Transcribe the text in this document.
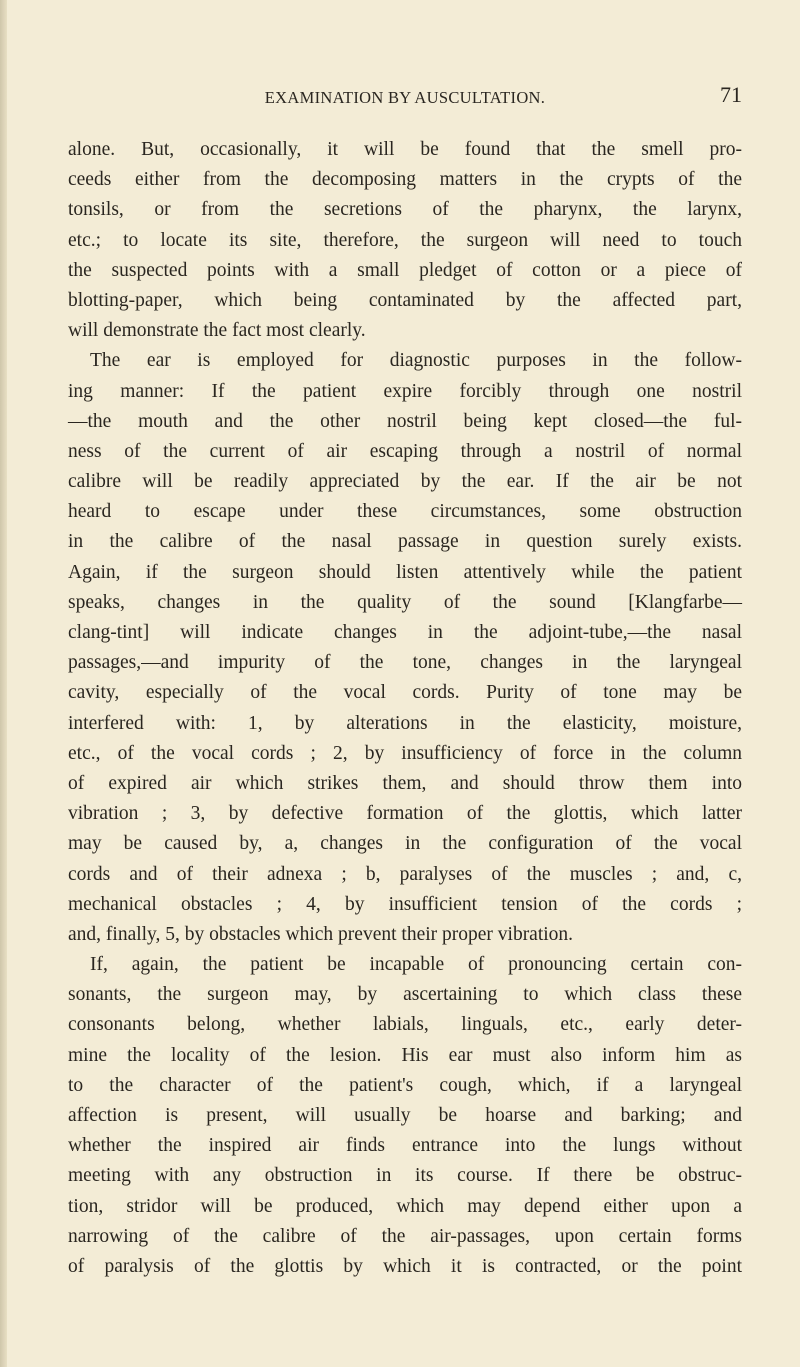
EXAMINATION BY AUSCULTATION.	71
alone. But, occasionally, it will be found that the smell pro-
ceeds either from the decomposing matters in the crypts of the
tonsils, or from the secretions of the pharynx, the larynx,
etc.; to locate its site, therefore, the surgeon will need to touch
the suspected points with a small pledget of cotton or a piece of
blotting-paper, which being contaminated by the affected part,
will demonstrate the fact most clearly.
The ear is employed for diagnostic purposes in the follow-
ing manner: If the patient expire forcibly through one nostril
—the mouth and the other nostril being kept closed—the ful-
ness of the current of air escaping through a nostril of normal
calibre will be readily appreciated by the ear. If the air be not
heard to escape under these circumstances, some obstruction
in the calibre of the nasal passage in question surely exists.
Again, if the surgeon should listen attentively while the patient
speaks, changes in the quality of the sound [Klangfarbe—
clang-tint] will indicate changes in the adjoint-tube,—the nasal
passages,—and impurity of the tone, changes in the laryngeal
cavity, especially of the vocal cords. Purity of tone may be
interfered with: 1, by alterations in the elasticity, moisture,
etc., of the vocal cords ; 2, by insufficiency of force in the column
of expired air which strikes them, and should throw them into
vibration ; 3, by defective formation of the glottis, which latter
may be caused by, a, changes in the configuration of the vocal
cords and of their adnexa ; b, paralyses of the muscles ; and, c,
mechanical obstacles ; 4, by insufficient tension of the cords ;
and, finally, 5, by obstacles which prevent their proper vibration.
If, again, the patient be incapable of pronouncing certain con-
sonants, the surgeon may, by ascertaining to which class these
consonants belong, whether labials, linguals, etc., early deter-
mine the locality of the lesion. His ear must also inform him as
to the character of the patient's cough, which, if a laryngeal
affection is present, will usually be hoarse and barking; and
whether the inspired air finds entrance into the lungs without
meeting with any obstruction in its course. If there be obstruc-
tion, stridor will be produced, which may depend either upon a
narrowing of the calibre of the air-passages, upon certain forms
of paralysis of the glottis by which it is contracted, or the point
